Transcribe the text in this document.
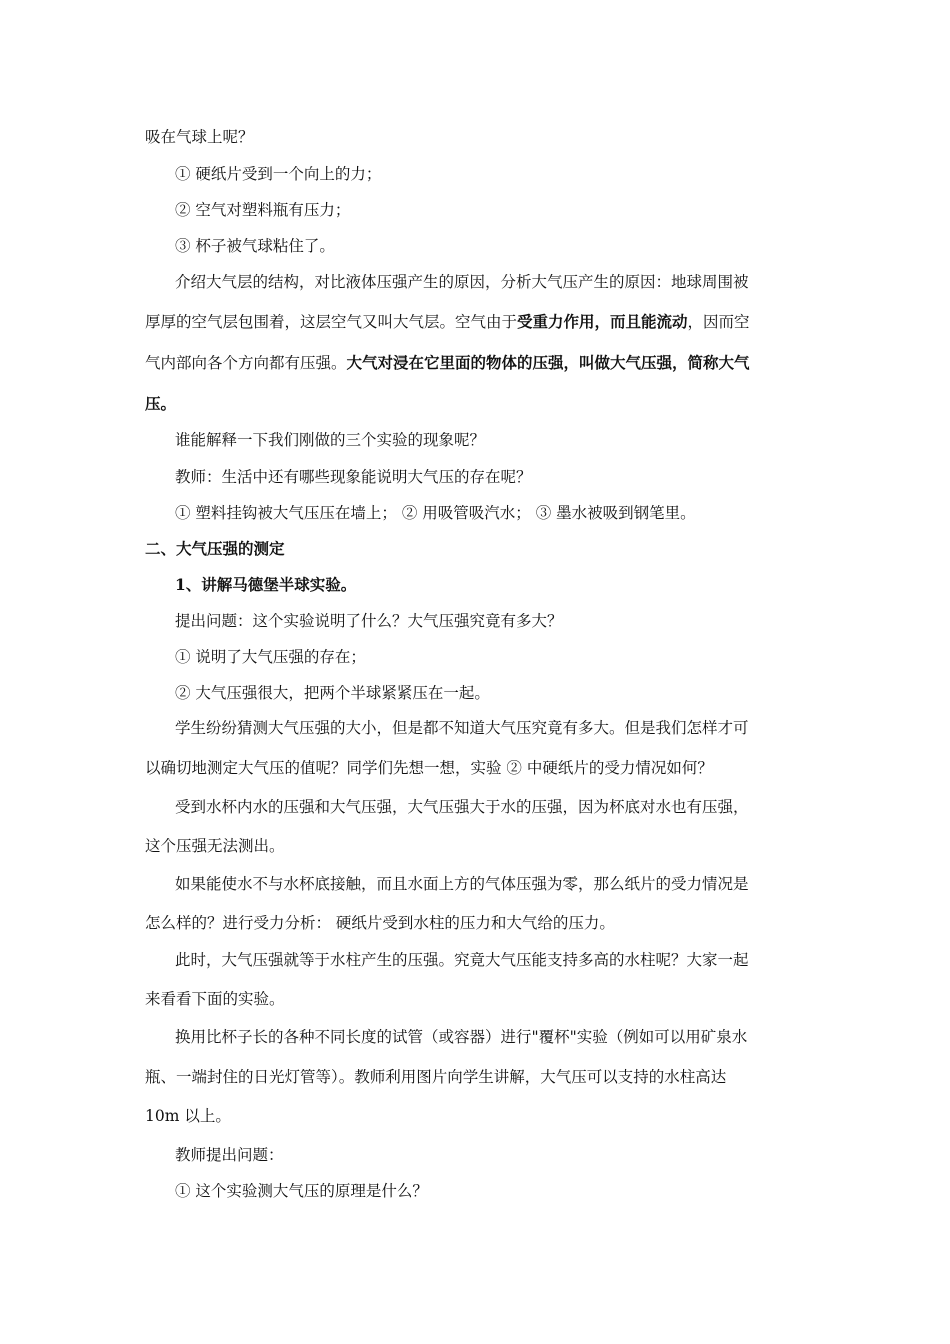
吸在气球上呢？
① 硬纸片受到一个向上的力；
② 空气对塑料瓶有压力；
③ 杯子被气球粘住了。
介绍大气层的结构，对比液体压强产生的原因，分析大气压产生的原因：地球周围被
厚厚的空气层包围着，这层空气又叫大气层。空气由于受重力作用，而且能流动，因而空
气内部向各个方向都有压强。大气对浸在它里面的物体的压强，叫做大气压强，简称大气
压。
谁能解释一下我们刚做的三个实验的现象呢？
教师：生活中还有哪些现象能说明大气压的存在呢？
① 塑料挂钩被大气压压在墙上； ② 用吸管吸汽水； ③ 墨水被吸到钢笔里。
二、大气压强的测定
1、讲解马德堡半球实验。
提出问题：这个实验说明了什么？大气压强究竟有多大？
① 说明了大气压强的存在；
② 大气压强很大，把两个半球紧紧压在一起。
学生纷纷猜测大气压强的大小，但是都不知道大气压究竟有多大。但是我们怎样才可
以确切地测定大气压的值呢？同学们先想一想，实验 ② 中硬纸片的受力情况如何？
受到水杯内水的压强和大气压强，大气压强大于水的压强，因为杯底对水也有压强，
这个压强无法测出。
如果能使水不与水杯底接触，而且水面上方的气体压强为零，那么纸片的受力情况是
怎么样的？进行受力分析： 硬纸片受到水柱的压力和大气给的压力。
此时，大气压强就等于水柱产生的压强。究竟大气压能支持多高的水柱呢？大家一起
来看看下面的实验。
换用比杯子长的各种不同长度的试管（或容器）进行"覆杯"实验（例如可以用矿泉水
瓶、一端封住的日光灯管等）。教师利用图片向学生讲解，大气压可以支持的水柱高达
10m 以上。
教师提出问题：
① 这个实验测大气压的原理是什么？
